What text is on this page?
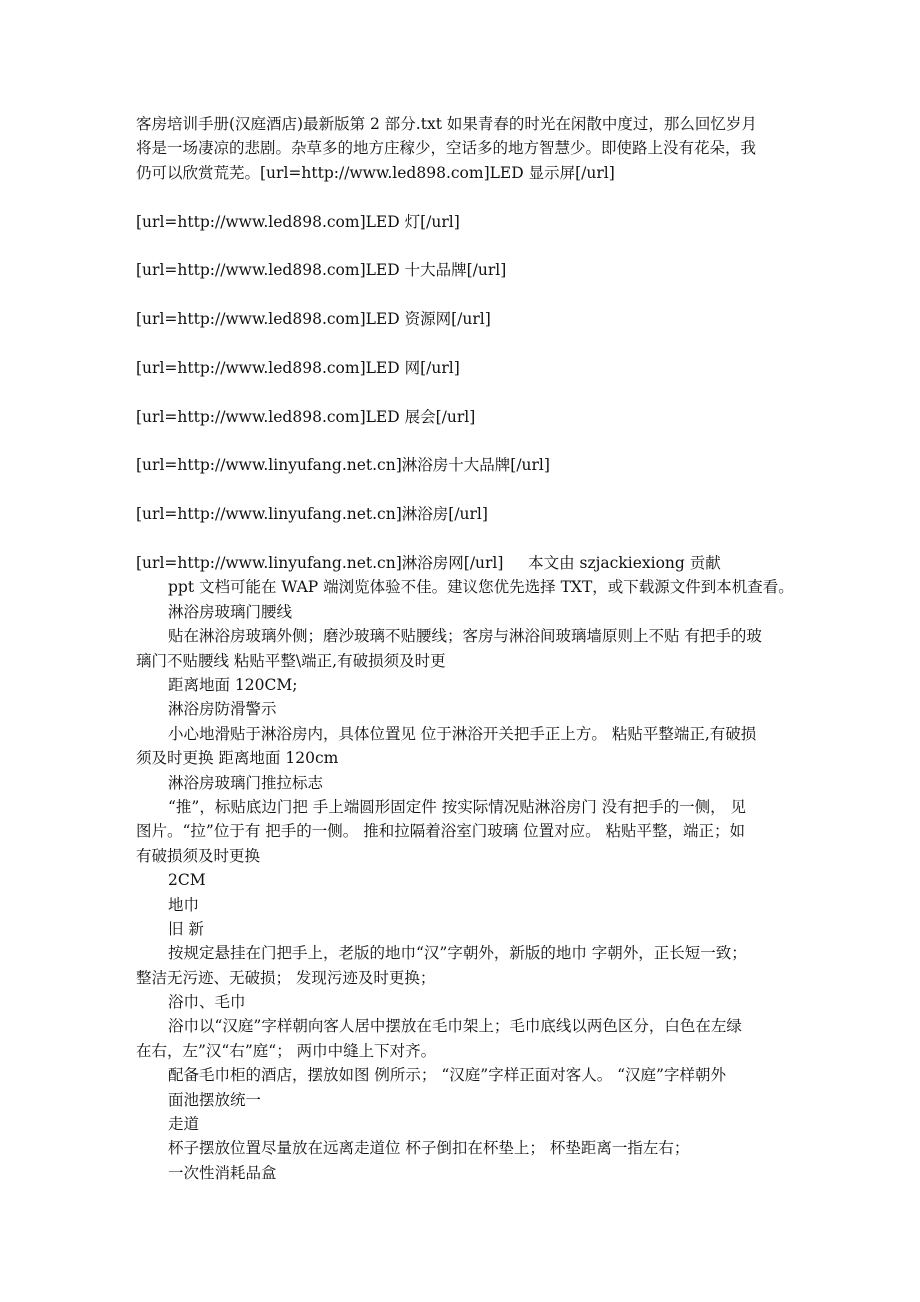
客房培训手册(汉庭酒店)最新版第 2 部分.txt 如果青春的时光在闲散中度过，那么回忆岁月
将是一场凄凉的悲剧。杂草多的地方庄稼少，空话多的地方智慧少。即使路上没有花朵，我
仍可以欣赏荒芜。[url=http://www.led898.com]LED 显示屏[/url]
[url=http://www.led898.com]LED 灯[/url]
[url=http://www.led898.com]LED 十大品牌[/url]
[url=http://www.led898.com]LED 资源网[/url]
[url=http://www.led898.com]LED 网[/url]
[url=http://www.led898.com]LED 展会[/url]
[url=http://www.linyufang.net.cn]淋浴房十大品牌[/url]
[url=http://www.linyufang.net.cn]淋浴房[/url]
[url=http://www.linyufang.net.cn]淋浴房网[/url]     本文由 szjackiexiong 贡献
ppt 文档可能在 WAP 端浏览体验不佳。建议您优先选择 TXT，或下载源文件到本机查看。
淋浴房玻璃门腰线
贴在淋浴房玻璃外侧；磨沙玻璃不贴腰线；客房与淋浴间玻璃墙原则上不贴 有把手的玻
璃门不贴腰线 粘贴平整\端正,有破损须及时更
距离地面 120CM;
淋浴房防滑警示
小心地滑贴于淋浴房内，具体位置见 位于淋浴开关把手正上方。 粘贴平整端正,有破损
须及时更换 距离地面 120cm
淋浴房玻璃门推拉标志
“推”，标贴底边门把 手上端圆形固定件 按实际情况贴淋浴房门 没有把手的一侧， 见
图片。“拉”位于有 把手的一侧。 推和拉隔着浴室门玻璃 位置对应。 粘贴平整，端正；如
有破损须及时更换
2CM
地巾
旧 新
按规定悬挂在门把手上，老版的地巾“汉”字朝外，新版的地巾 字朝外，正长短一致；
整洁无污迹、无破损； 发现污迹及时更换；
浴巾、毛巾
浴巾以“汉庭”字样朝向客人居中摆放在毛巾架上；毛巾底线以两色区分，白色在左绿
在右，左”汉“右”庭“； 两巾中缝上下对齐。
配备毛巾柜的酒店，摆放如图 例所示； “汉庭”字样正面对客人。 “汉庭”字样朝外
面池摆放统一
走道
杯子摆放位置尽量放在远离走道位 杯子倒扣在杯垫上； 杯垫距离一指左右；
一次性消耗品盒
